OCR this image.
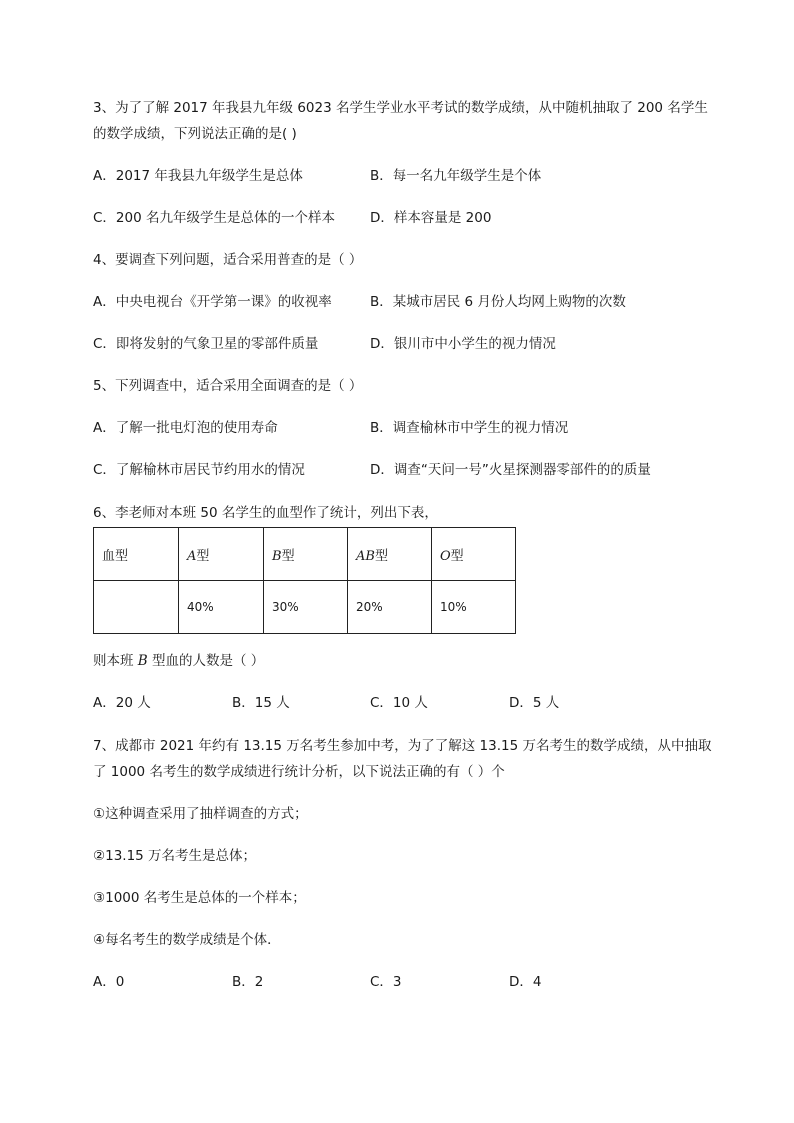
3、为了了解 2017 年我县九年级 6023 名学生学业水平考试的数学成绩，从中随机抽取了 200 名学生
的数学成绩，下列说法正确的是( )
A．2017 年我县九年级学生是总体	B．每一名九年级学生是个体
C．200 名九年级学生是总体的一个样本	D．样本容量是 200
4、要调查下列问题，适合采用普查的是（ ）
A．中央电视台《开学第一课》的收视率	B．某城市居民 6 月份人均网上购物的次数
C．即将发射的气象卫星的零部件质量	D．银川市中小学生的视力情况
5、下列调查中，适合采用全面调查的是（ ）
A．了解一批电灯泡的使用寿命	B．调查榆林市中学生的视力情况
C．了解榆林市居民节约用水的情况	D．调查“天问一号”火星探测器零部件的的质量
6、李老师对本班 50 名学生的血型作了统计，列出下表，
血型	A型	B型	AB型	O型
	40%	30%	20%	10%
则本班 B 型血的人数是（ ）
A．20 人	B．15 人	C．10 人	D．5 人
7、成都市 2021 年约有 13.15 万名考生参加中考，为了了解这 13.15 万名考生的数学成绩，从中抽取
了 1000 名考生的数学成绩进行统计分析，以下说法正确的有（ ）个
①这种调查采用了抽样调查的方式；
②13.15 万名考生是总体；
③1000 名考生是总体的一个样本；
④每名考生的数学成绩是个体．
A．0	B．2	C．3	D．4
